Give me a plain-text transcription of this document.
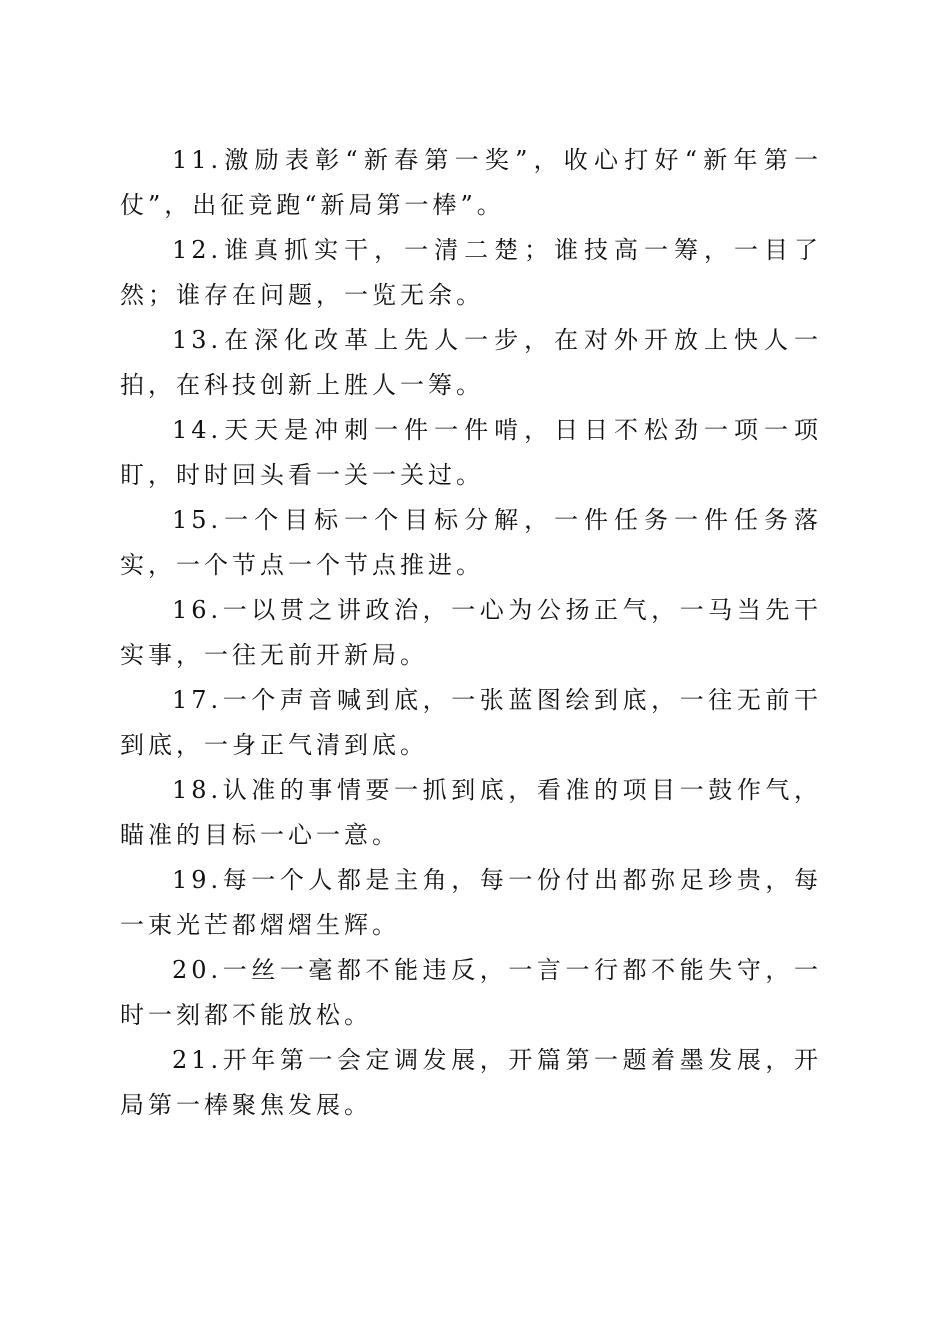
11.激励表彰“新春第一奖”，收心打好“新年第一仗”，出征竞跑“新局第一棒”。

12.谁真抓实干，一清二楚；谁技高一筹，一目了然；谁存在问题，一览无余。

13.在深化改革上先人一步，在对外开放上快人一拍，在科技创新上胜人一筹。

14.天天是冲刺一件一件啃，日日不松劲一项一项盯，时时回头看一关一关过。

15.一个目标一个目标分解，一件任务一件任务落实，一个节点一个节点推进。

16.一以贯之讲政治，一心为公扬正气，一马当先干实事，一往无前开新局。

17.一个声音喊到底，一张蓝图绘到底，一往无前干到底，一身正气清到底。

18.认准的事情要一抓到底，看准的项目一鼓作气，瞄准的目标一心一意。

19.每一个人都是主角，每一份付出都弥足珍贵，每一束光芒都熠熠生辉。

20.一丝一毫都不能违反，一言一行都不能失守，一时一刻都不能放松。

21.开年第一会定调发展，开篇第一题着墨发展，开局第一棒聚焦发展。
